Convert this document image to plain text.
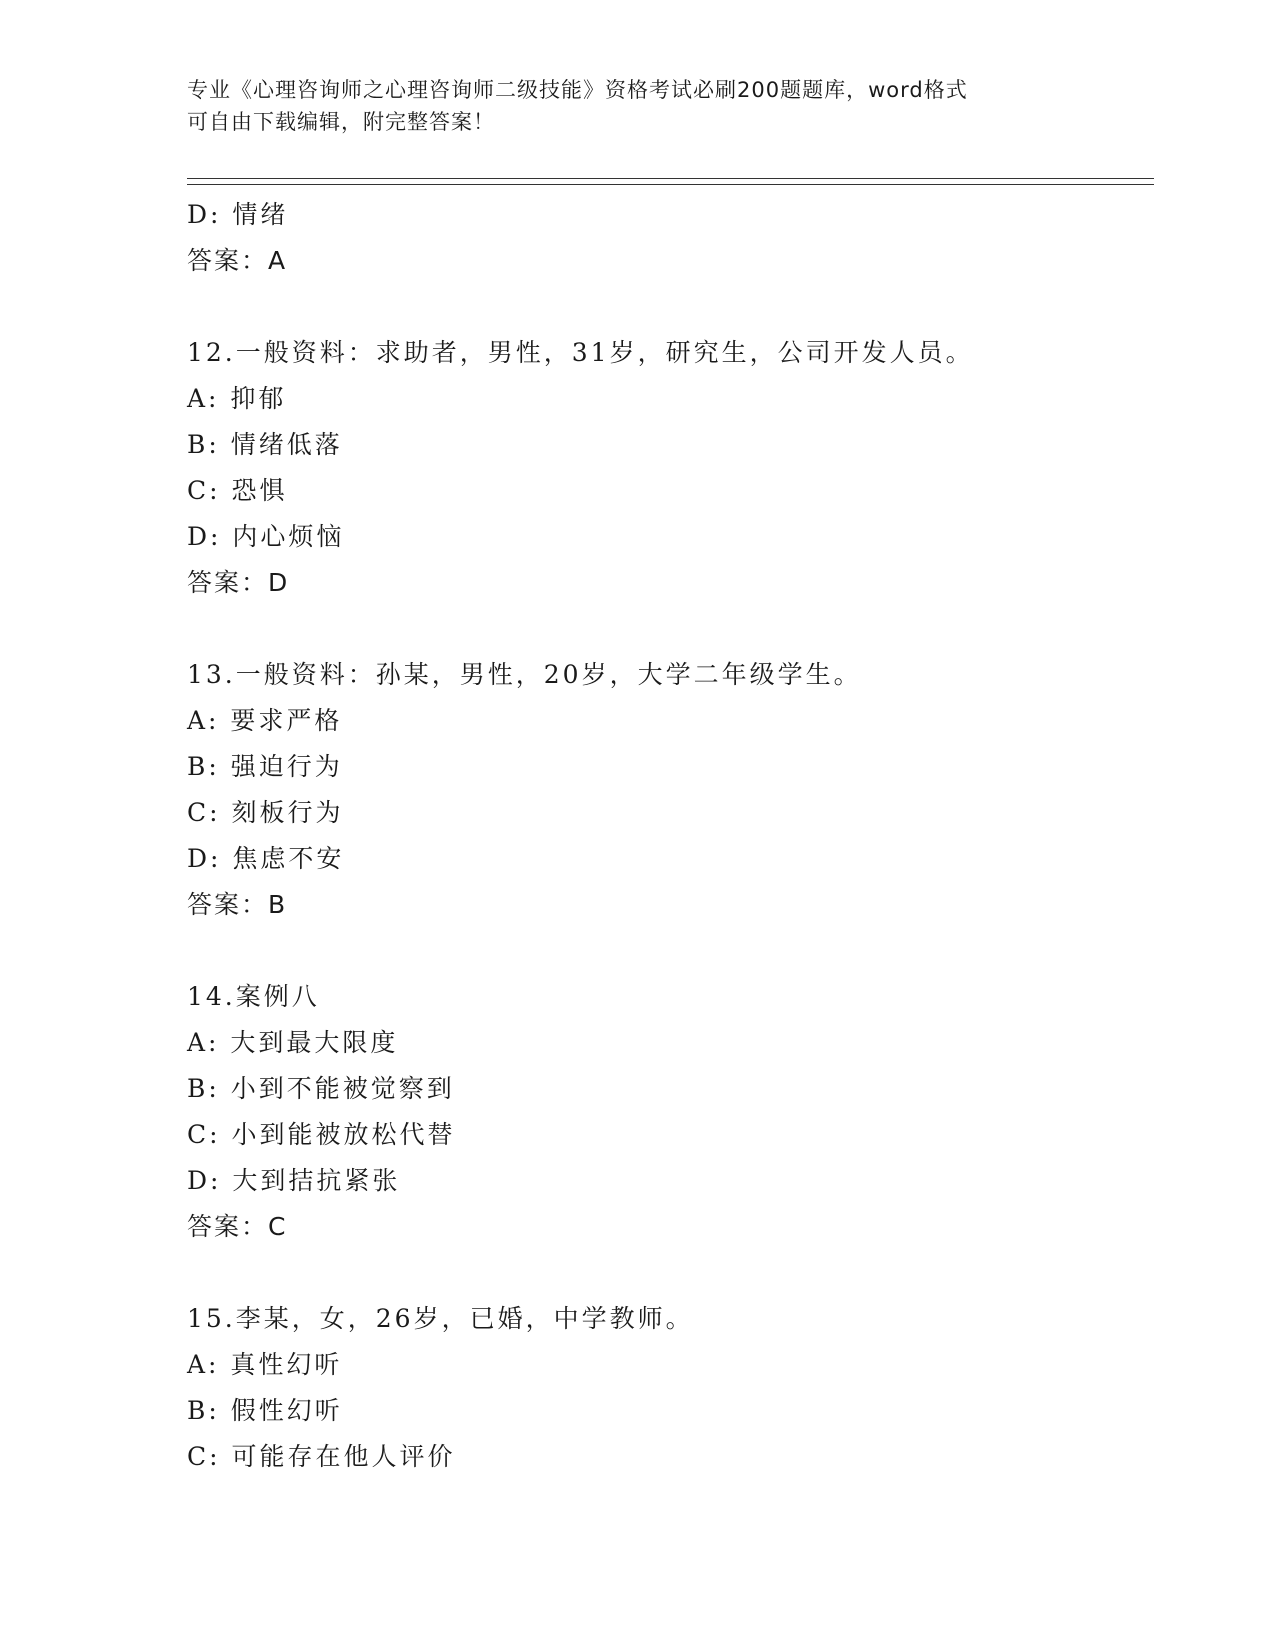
专业《心理咨询师之心理咨询师二级技能》资格考试必刷200题题库，word格式
可自由下载编辑，附完整答案！
D: 情绪
答案：A
12.一般资料：求助者，男性，31岁，研究生，公司开发人员。
A: 抑郁
B: 情绪低落
C: 恐惧
D: 内心烦恼
答案：D
13.一般资料：孙某，男性，20岁，大学二年级学生。
A: 要求严格
B: 强迫行为
C: 刻板行为
D: 焦虑不安
答案：B
14.案例八
A: 大到最大限度
B: 小到不能被觉察到
C: 小到能被放松代替
D: 大到拮抗紧张
答案：C
15.李某，女，26岁，已婚，中学教师。
A: 真性幻听
B: 假性幻听
C: 可能存在他人评价
